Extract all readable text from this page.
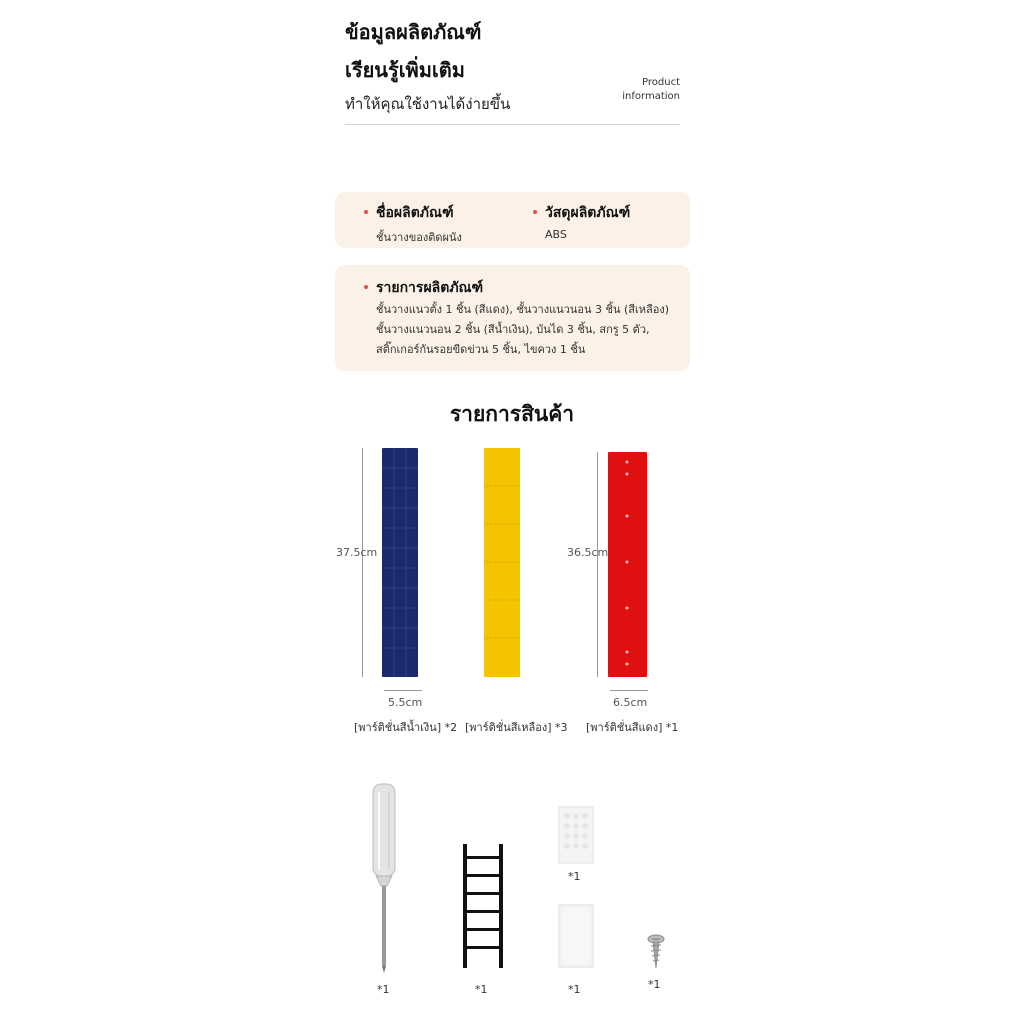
ข้อมูลผลิตภัณฑ์
เรียนรู้เพิ่มเติม
ทำให้คุณใช้งานได้ง่ายขึ้น
Product
information
ชื่อผลิตภัณฑ์
ชั้นวางของติดผนัง
วัสดุผลิตภัณฑ์
ABS
รายการผลิตภัณฑ์
ชั้นวางแนวตั้ง 1 ชิ้น (สีแดง), ชั้นวางแนวนอน 3 ชิ้น (สีเหลือง)
ชั้นวางแนวนอน 2 ชิ้น (สีน้ำเงิน), บันได 3 ชิ้น, สกรู 5 ตัว,
สติ๊กเกอร์กันรอยขีดข่วน 5 ชิ้น, ไขควง 1 ชิ้น
รายการสินค้า
37.5cm
5.5cm
[พาร์ติชั่นสีน้ำเงิน] *2 [พาร์ติชั่นสีเหลือง] *3
36.5cm
6.5cm
[พาร์ติชั่นสีแดง] *1
*1	*1
*1
*1	*1
